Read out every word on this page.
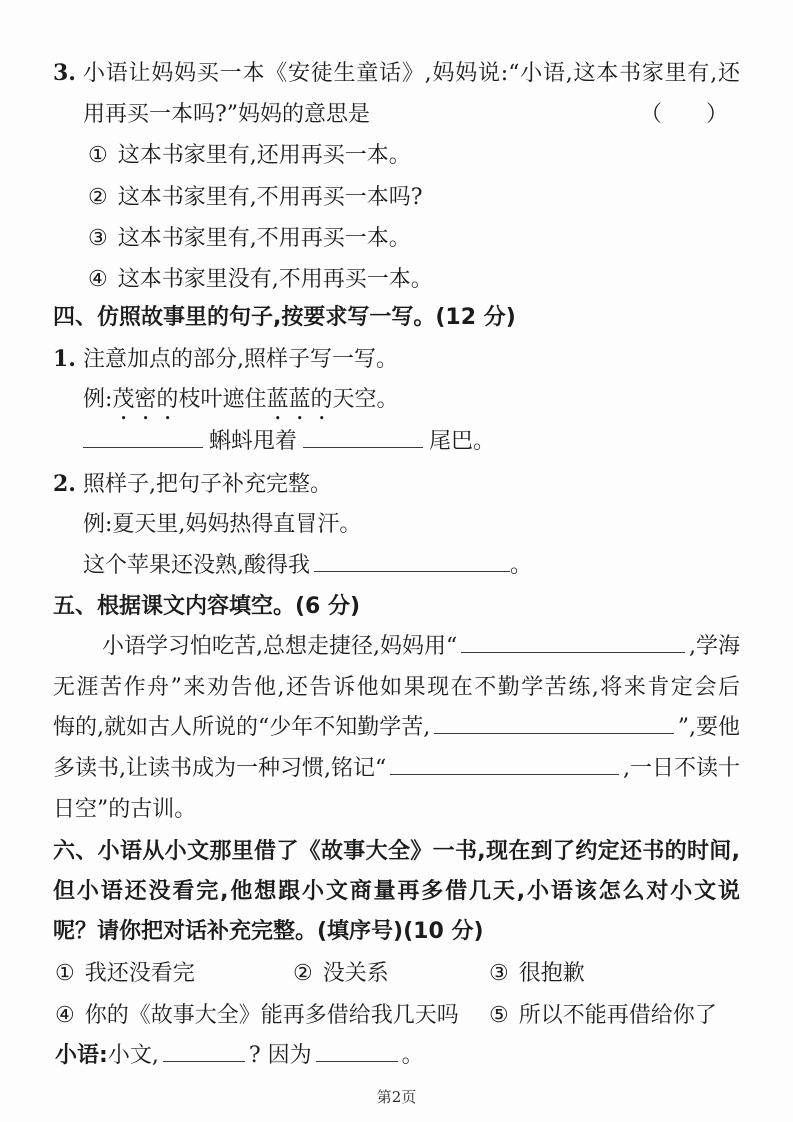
3. 小语让妈妈买一本《安徒生童话》,妈妈说:“小语,这本书家里有,还
用再买一本吗?”妈妈的意思是	（　　）
① 这本书家里有,还用再买一本。
② 这本书家里有,不用再买一本吗?
③ 这本书家里有,不用再买一本。
④ 这本书家里没有,不用再买一本。
四、仿照故事里的句子,按要求写一写。(12 分)
1. 注意加点的部分,照样子写一写。
例:茂密的枝叶遮住蓝蓝的天空。
蝌蚪甩着	尾巴。
2. 照样子,把句子补充完整。
例:夏天里,妈妈热得直冒汗。
这个苹果还没熟,酸得我	。
五、根据课文内容填空。(6 分)
小语学习怕吃苦,总想走捷径,妈妈用“	,学海
无涯苦作舟”来劝告他,还告诉他如果现在不勤学苦练,将来肯定会后
悔的,就如古人所说的“少年不知勤学苦,	”,要他
多读书,让读书成为一种习惯,铭记“	,一日不读十
日空”的古训。
六、小语从小文那里借了《故事大全》一书,现在到了约定还书的时间,
但小语还没看完,他想跟小文商量再多借几天,小语该怎么对小文说
呢？请你把对话补充完整。(填序号)(10 分)
① 我还没看完	② 没关系	③ 很抱歉
④ 你的《故事大全》能再多借给我几天吗	⑤ 所以不能再借给你了
小语: 小文,	? 因为	。
第2页
